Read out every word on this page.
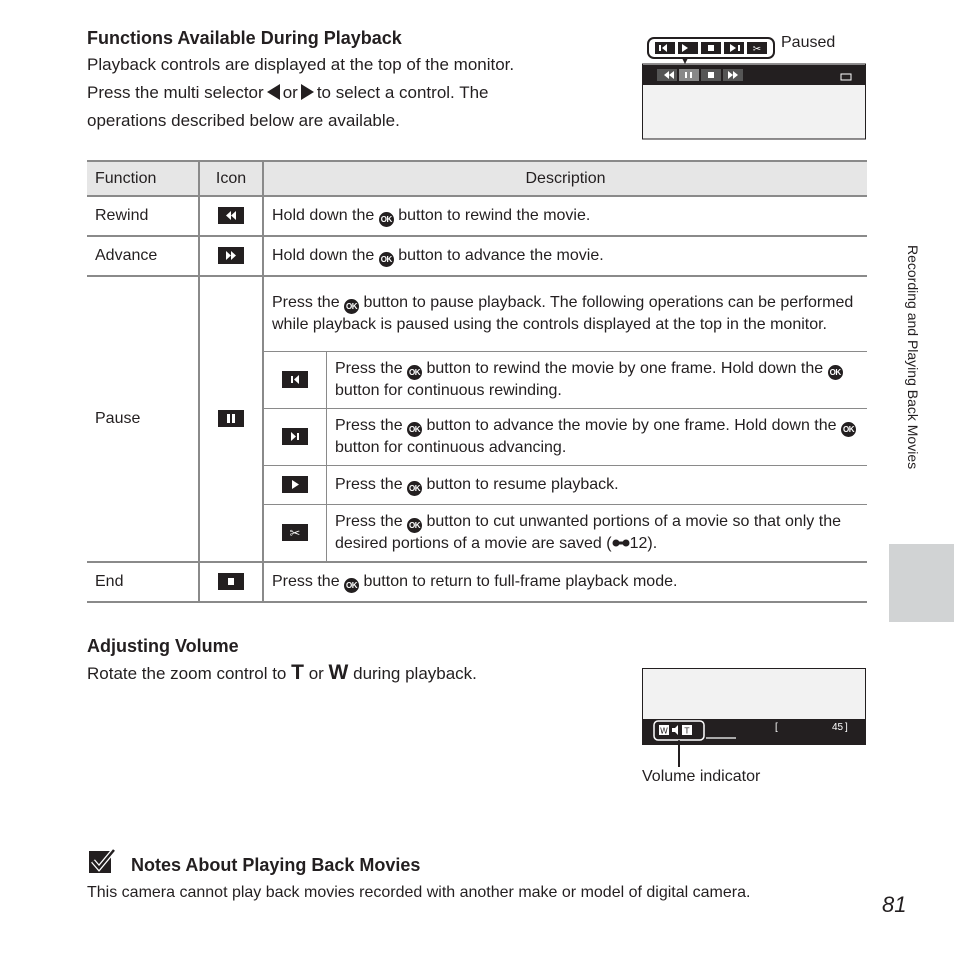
Functions Available During Playback
Playback controls are displayed at the top of the monitor.
Press the multi selector or to select a control. The
operations described below are available.
✂ Paused
Function	Icon	Description	
Rewind		Hold down the OK button to rewind the movie.	
Advance		Hold down the OK button to advance the movie.	
Pause		Press the OK button to pause playback. The following operations can be performed while playback is paused using the controls displayed at the top in the monitor.	

	Press the OK button to rewind the movie by one frame. Hold down the OK button for continuous rewinding.

	Press the OK button to advance the movie by one frame. Hold down the OK button for continuous advancing.

	Press the OK button to resume playback.

✂	Press the OK button to cut unwanted portions of a movie so that only the desired portions of a movie are saved ( 12).
End		Press the OK button to return to full-frame playback mode.	
Adjusting Volume
Rotate the zoom control to T or W during playback.
W T	[	45 ]
Volume indicator
Notes About Playing Back Movies
This camera cannot play back movies recorded with another make or model of digital camera.
Recording and Playing Back Movies
81
